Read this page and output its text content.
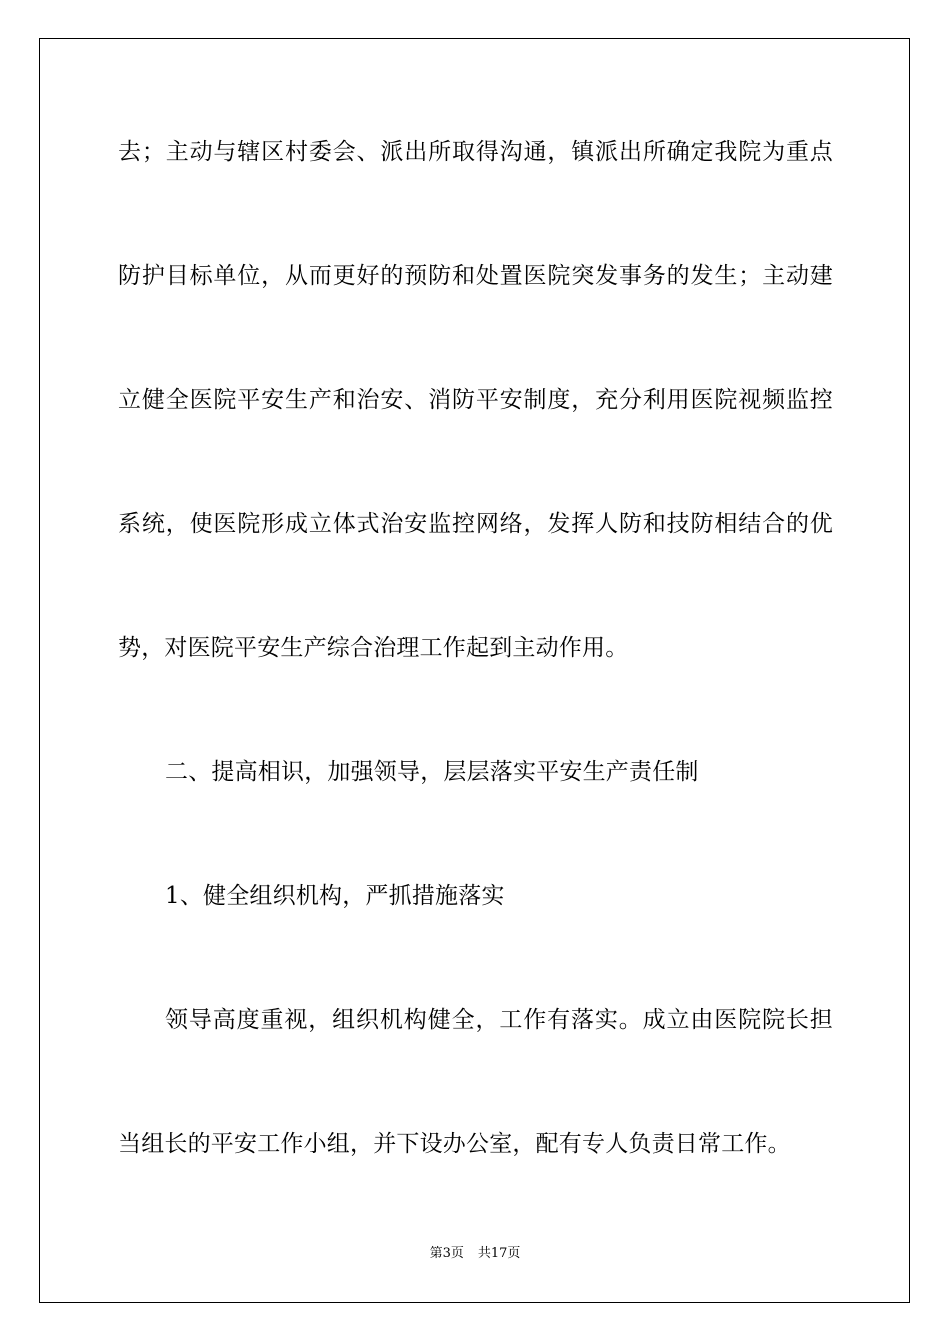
去；主动与辖区村委会、派出所取得沟通，镇派出所确定我院为重点
防护目标单位，从而更好的预防和处置医院突发事务的发生；主动建
立健全医院平安生产和治安、消防平安制度，充分利用医院视频监控
系统，使医院形成立体式治安监控网络，发挥人防和技防相结合的优
势，对医院平安生产综合治理工作起到主动作用。
二、提高相识，加强领导，层层落实平安生产责任制
1、健全组织机构，严抓措施落实
领导高度重视，组织机构健全，工作有落实。成立由医院院长担
当组长的平安工作小组，并下设办公室，配有专人负责日常工作。
第3页 共17页
